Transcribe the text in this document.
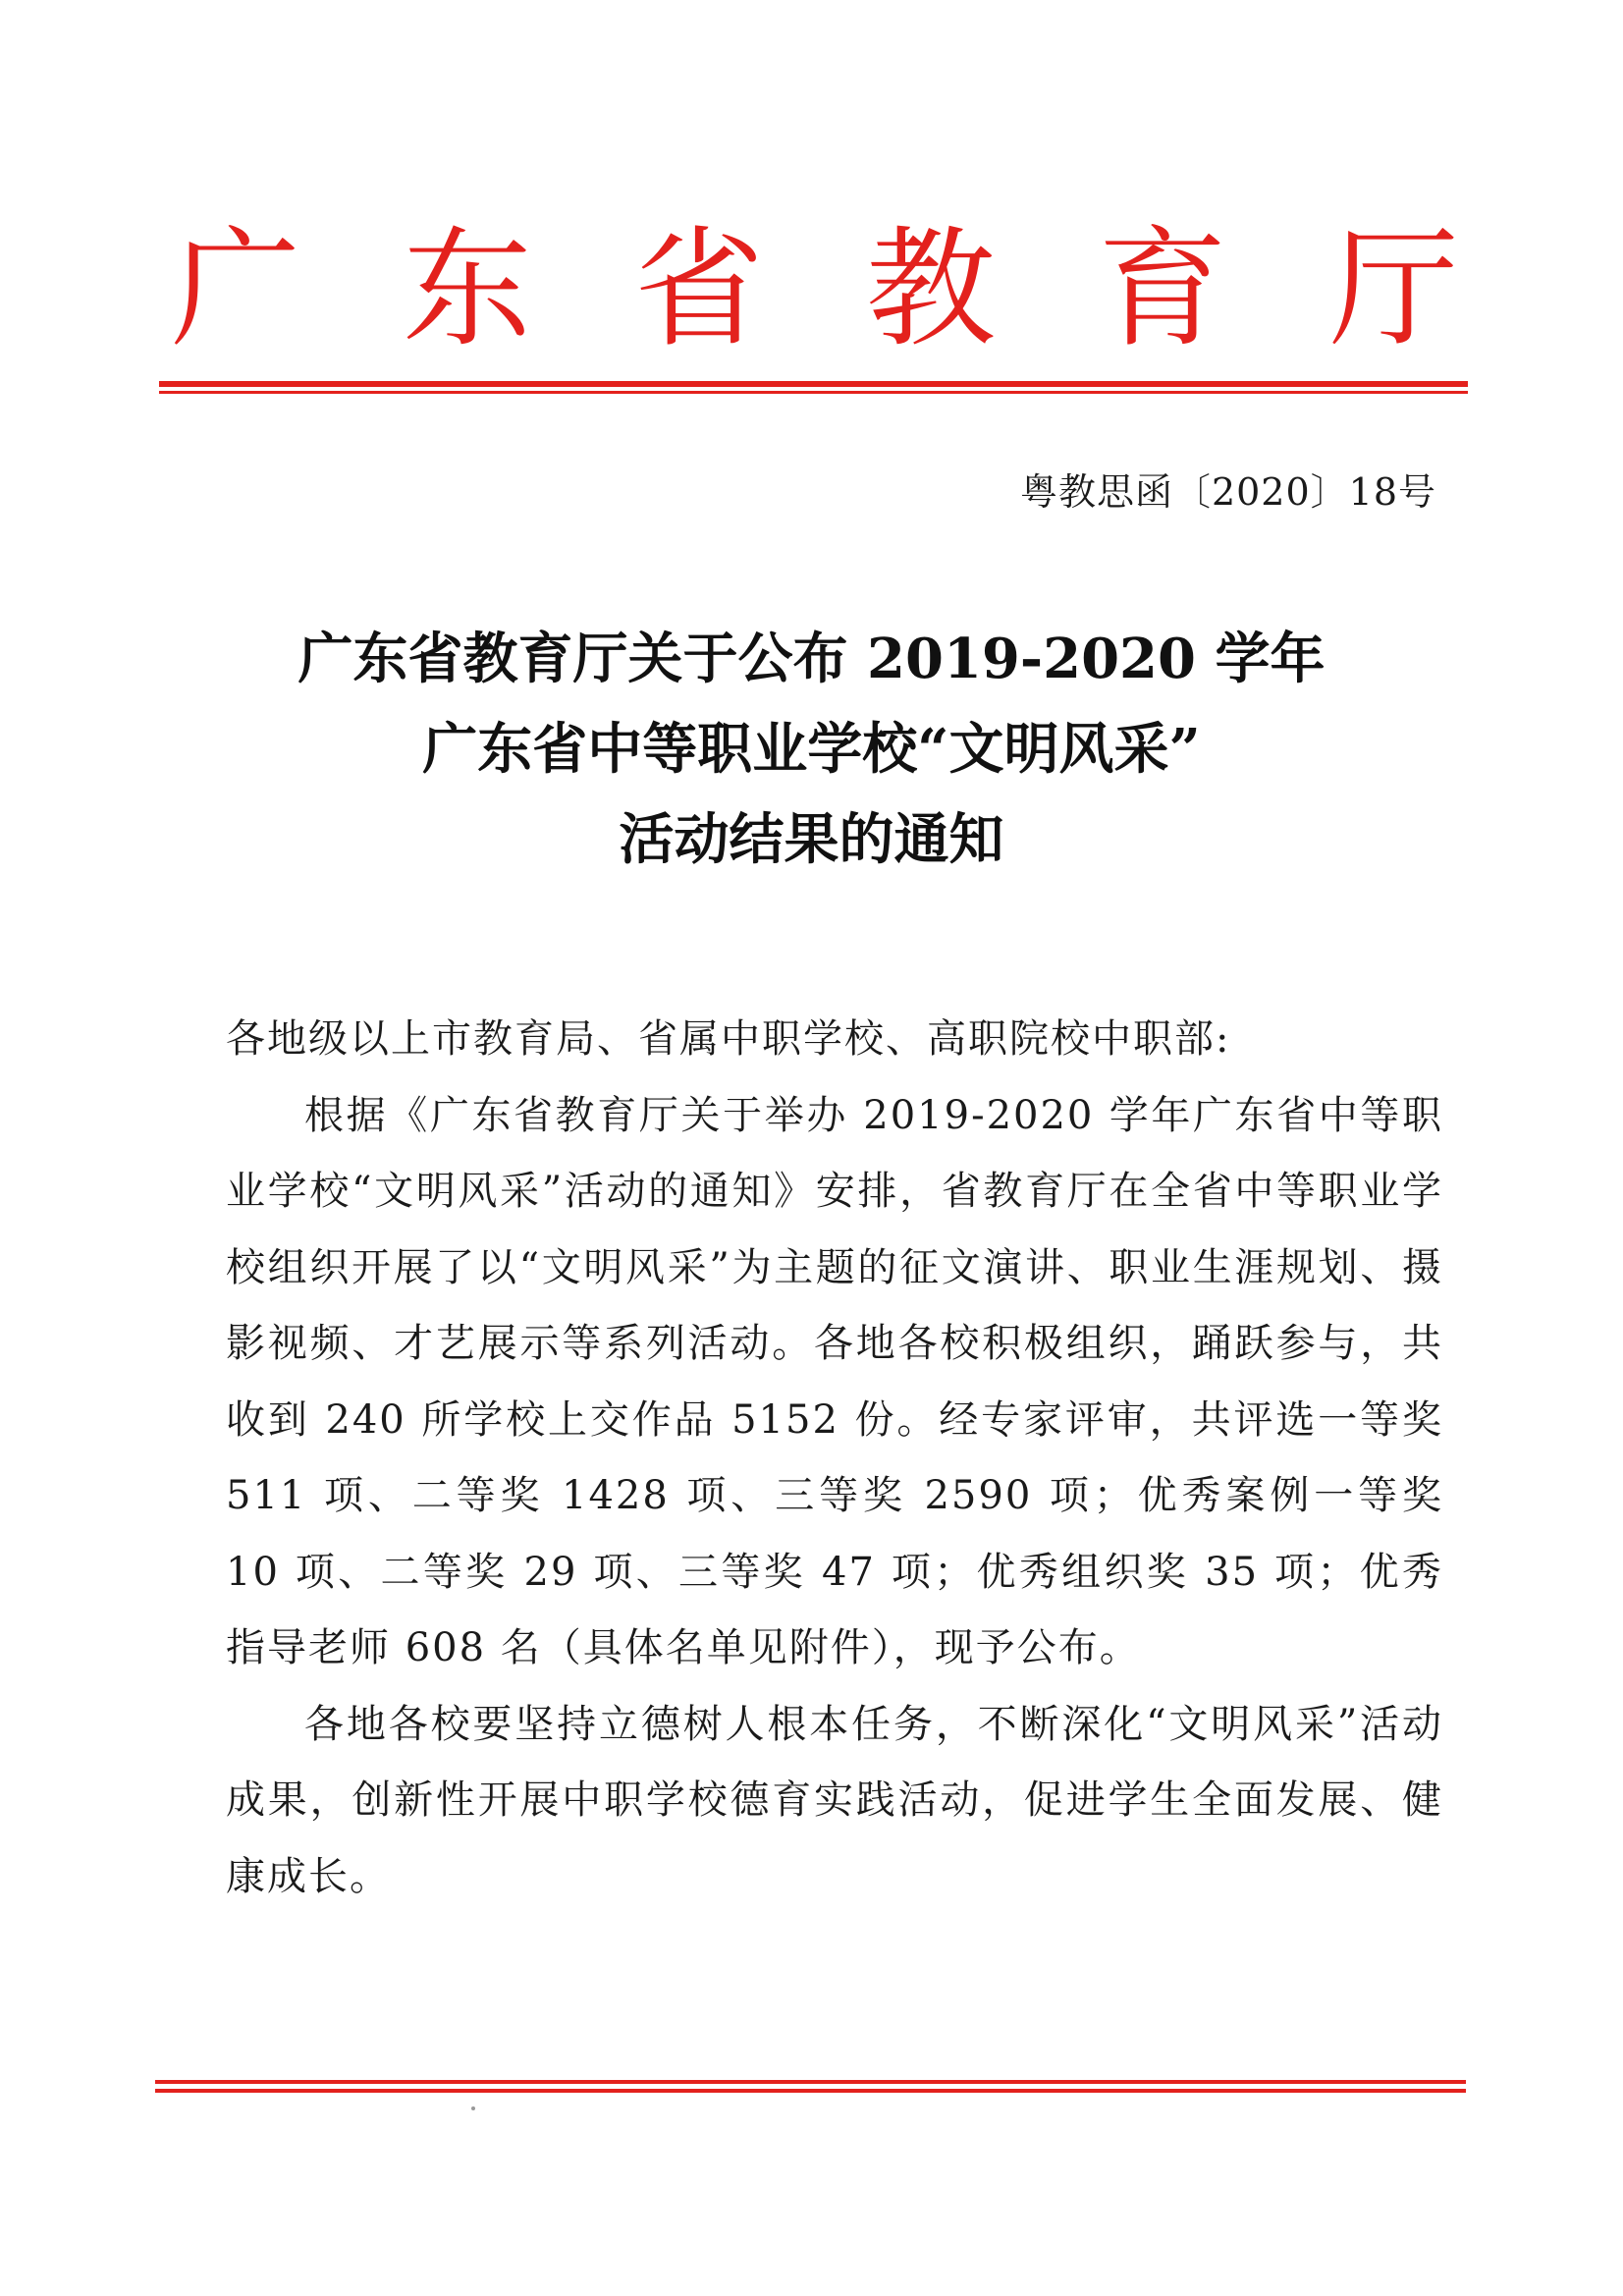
广 东 省 教 育 厅
粤教思函〔2020〕18号
广东省教育厅关于公布 2019-2020 学年
广东省中等职业学校“文明风采”
活动结果的通知

各地级以上市教育局、省属中职学校、高职院校中职部:

根据《广东省教育厅关于举办 2019-2020 学年广东省中等职业学校“文明风采”活动的通知》安排，省教育厅在全省中等职业学校组织开展了以“文明风采”为主题的征文演讲、职业生涯规划、摄影视频、才艺展示等系列活动。各地各校积极组织，踊跃参与，共收到 240 所学校上交作品 5152 份。经专家评审，共评选一等奖 511 项、二等奖 1428 项、三等奖 2590 项；优秀案例一等奖 10 项、二等奖 29 项、三等奖 47 项；优秀组织奖 35 项；优秀指导老师 608 名（具体名单见附件），现予公布。

各地各校要坚持立德树人根本任务，不断深化“文明风采”活动成果，创新性开展中职学校德育实践活动，促进学生全面发展、健康成长。
